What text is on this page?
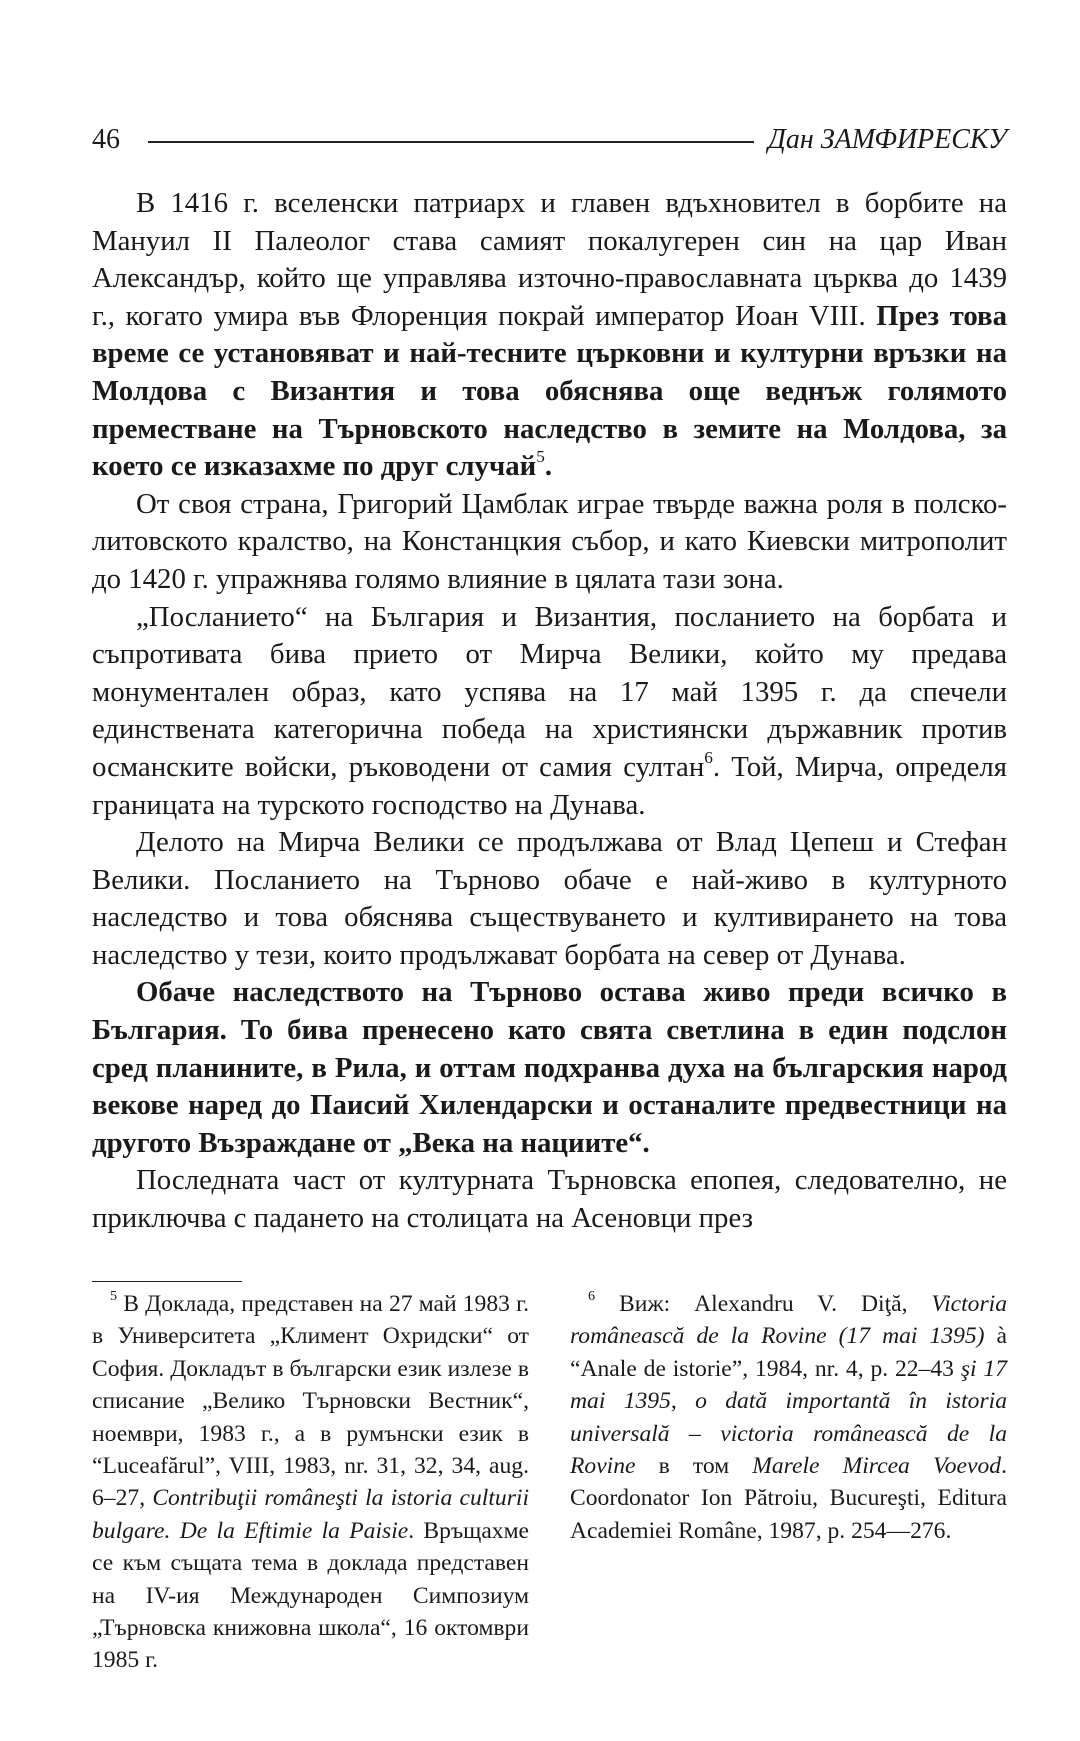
46	Дан ЗАМФИРЕСКУ

В 1416 г. вселенски патриарх и главен вдъхновител в борбите на Мануил II Палеолог става самият покалугерен син на цар Иван Александър, който ще управлява източно-православната църква до 1439 г., когато умира във Флоренция покрай император Иоан VIII. През това време се установяват и най-тесните църковни и културни връзки на Молдова с Византия и това обяснява още веднъж голямото преместване на Търновското наследство в земите на Молдова, за което се изказахме по друг случай$^5$.

От своя страна, Григорий Цамблак играе твърде важна роля в полско-литовското кралство, на Констанцкия събор, и като Киевски митрополит до 1420 г. упражнява голямо влияние в цялата тази зона.

„Посланието“ на България и Византия, посланието на борбата и съпротивата бива прието от Мирча Велики, който му предава монументален образ, като успява на 17 май 1395 г. да спечели единствената категорична победа на християнски държавник против османските войски, ръководени от самия султан$^6$. Той, Мирча, определя границата на турското господство на Дунава.

Делото на Мирча Велики се продължава от Влад Цепеш и Стефан Велики. Посланието на Търново обаче е най-живо в културното наследство и това обяснява съществуването и култивирането на това наследство у тези, които продължават борбата на север от Дунава.

Обаче наследството на Търново остава живо преди всичко в България. То бива пренесено като свята светлина в един подслон сред планините, в Рила, и оттам подхранва духа на българския народ векове наред до Паисий Хилендарски и останалите предвестници на другото Възраждане от „Века на нациите“.

Последната част от културната Търновска епопея, следователно, не приключва с падането на столицата на Асеновци през

$^5$ В Доклада, представен на 27 май 1983 г. в Университета „Климент Охридски“ от София. Докладът в български език излезе в списание „Велико Търновски Вестник“, ноември, 1983 г., а в румънски език в “Luceafărul”, VIII, 1983, nr. 31, 32, 34, aug. 6–27, Contribuţii româneşti la istoria culturii bulgare. De la Eftimie la Paisie. Връщахме се към същата тема в доклада представен на IV-ия Международен Симпозиум „Търновска книжовна школа“, 16 октомври 1985 г.

$^6$ Виж: Alexandru V. Diţă, Victoria românească de la Rovine (17 mai 1395) à “Anale de istorie”, 1984, nr. 4, p. 22–43 şi 17 mai 1395, o dată importantă în istoria universală – victoria românească de la Rovine в том Marele Mircea Voevod. Coordonator Ion Pătroiu, Bucureşti, Editura Academiei Române, 1987, p. 254—276.
